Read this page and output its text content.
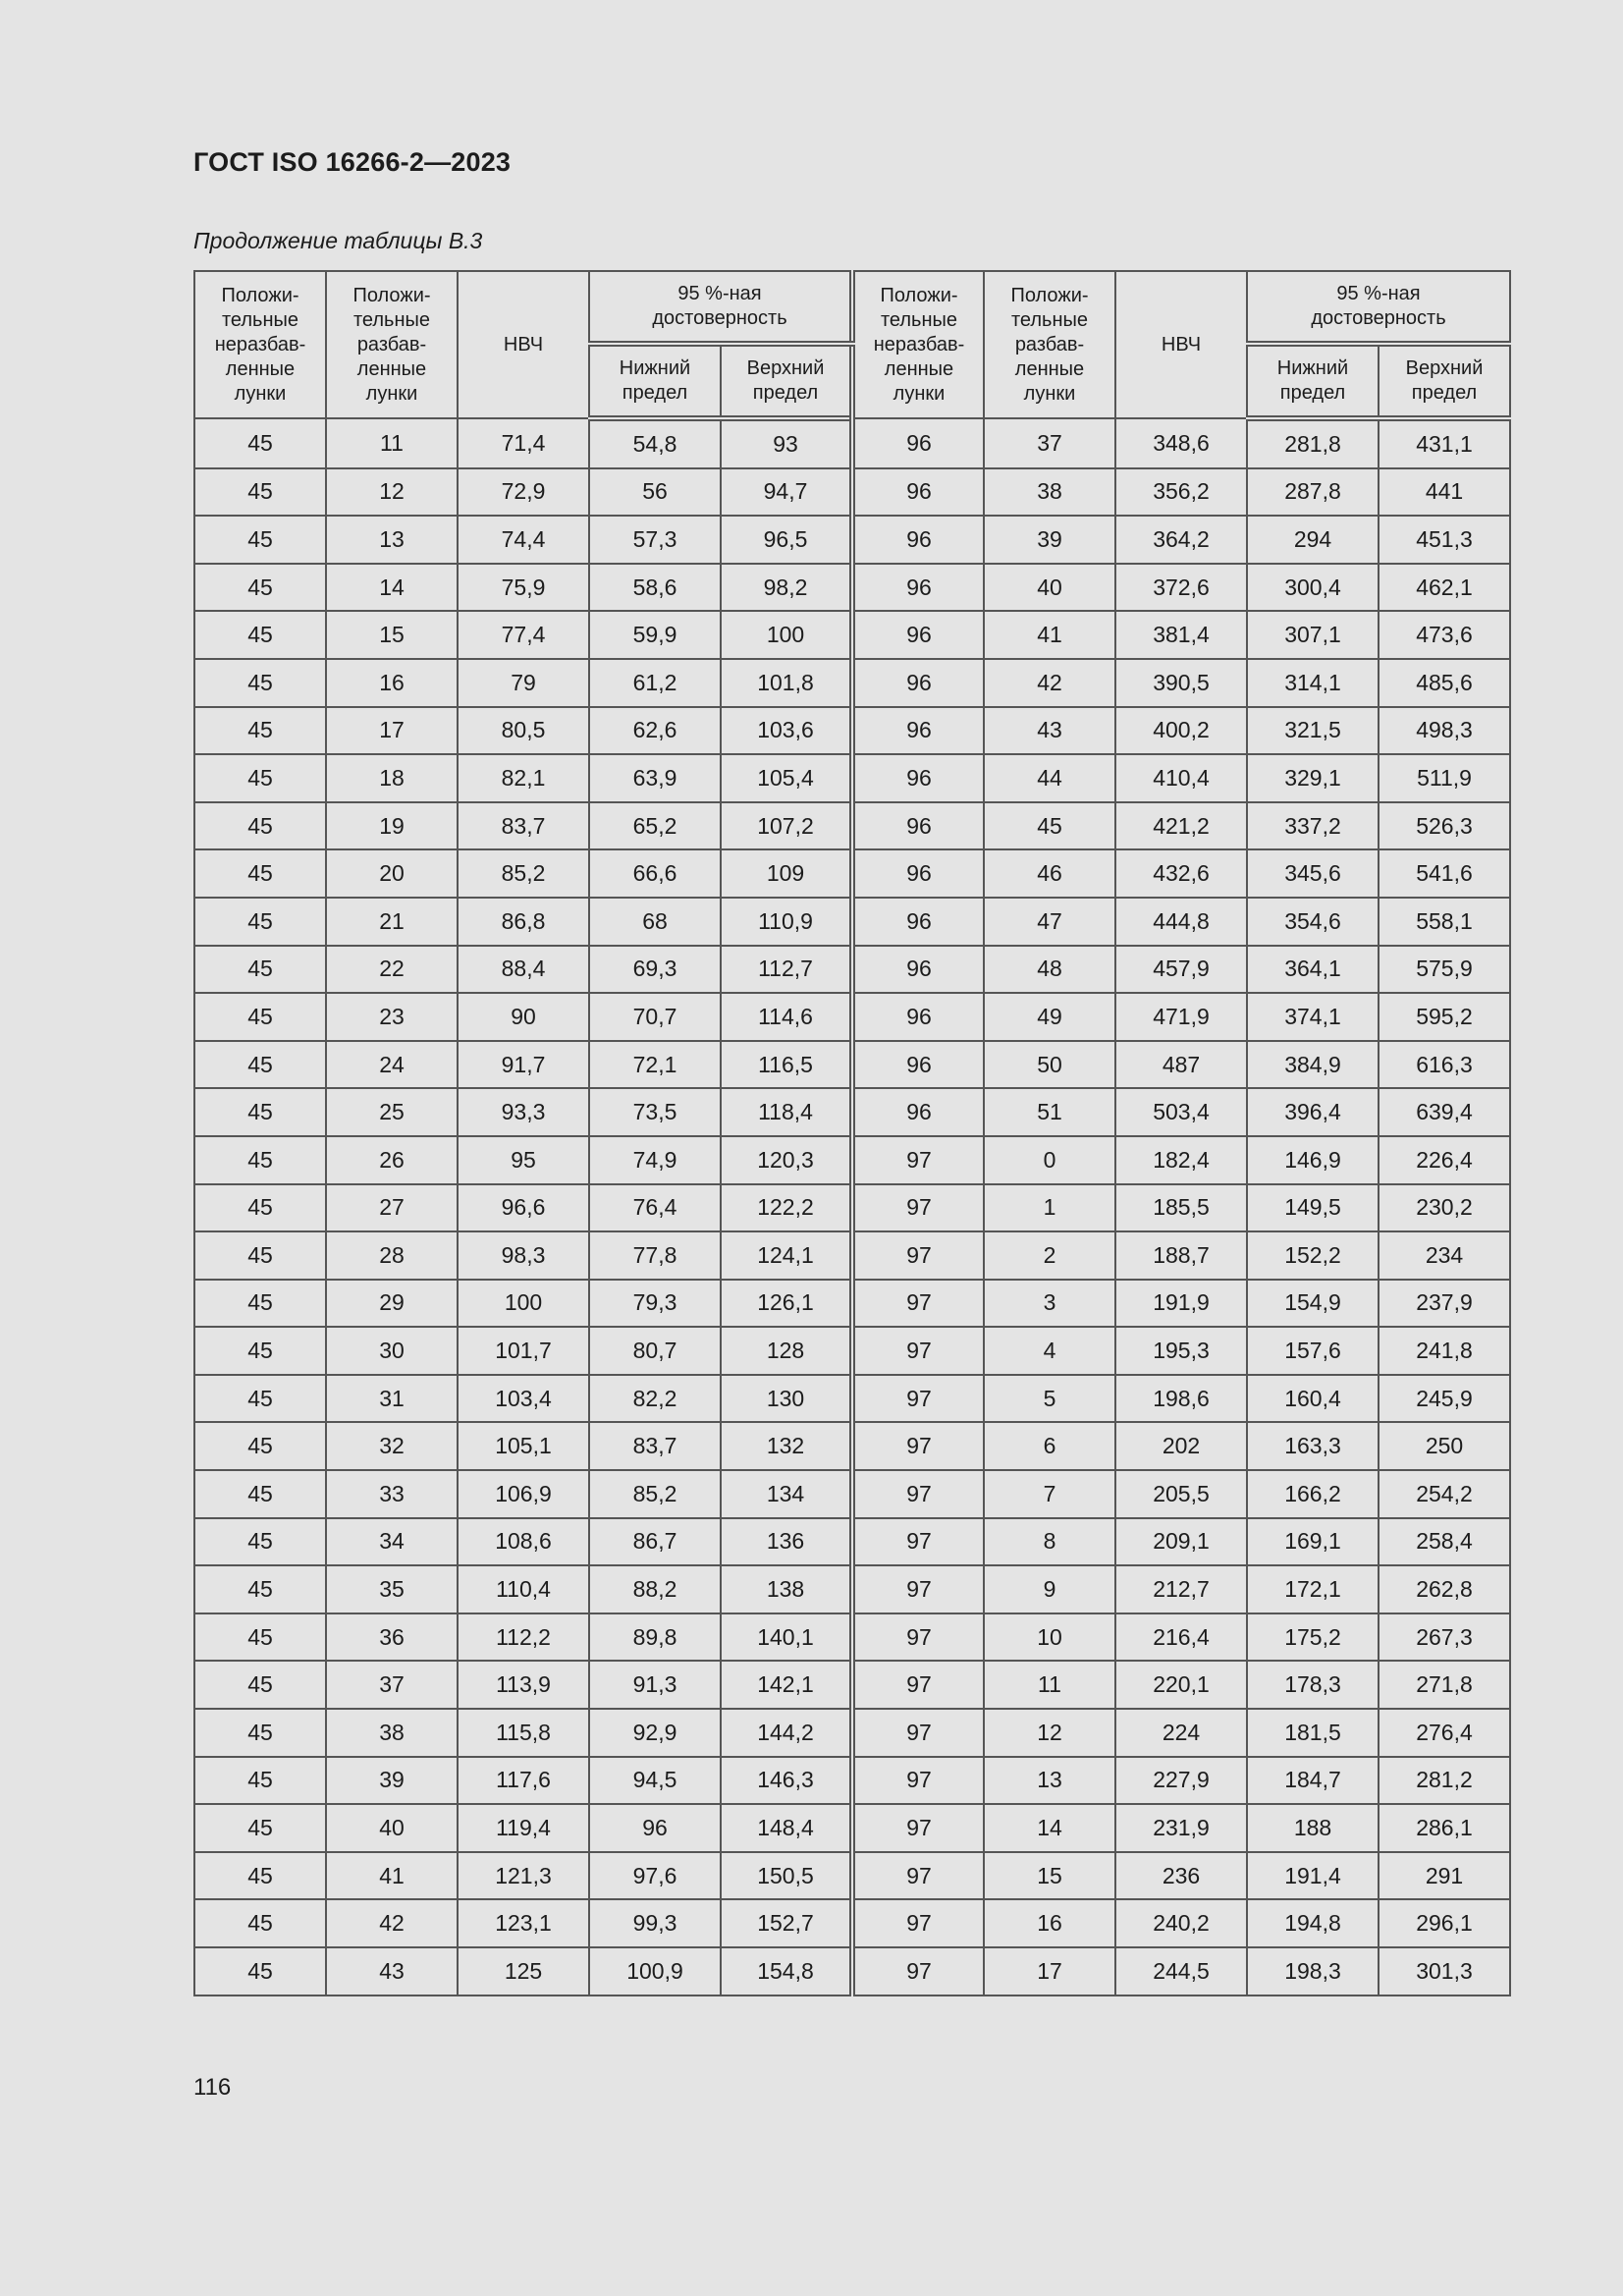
ГОСТ ISO 16266-2—2023
Продолжение таблицы В.3
Положи-
тельные
неразбав-
ленные
лунки	Положи-
тельные
разбав-
ленные
лунки	НВЧ	95 %-ная
достоверность		Положи-
тельные
неразбав-
ленные
лунки	Положи-
тельные
разбав-
ленные
лунки	НВЧ	95 %-ная
достоверность	
			Нижний
предел	Верхний
предел				Нижний
предел	Верхний
предел
45	11	71,4	54,8	93	96	37	348,6	281,8	431,1
45	12	72,9	56	94,7	96	38	356,2	287,8	441
45	13	74,4	57,3	96,5	96	39	364,2	294	451,3
45	14	75,9	58,6	98,2	96	40	372,6	300,4	462,1
45	15	77,4	59,9	100	96	41	381,4	307,1	473,6
45	16	79	61,2	101,8	96	42	390,5	314,1	485,6
45	17	80,5	62,6	103,6	96	43	400,2	321,5	498,3
45	18	82,1	63,9	105,4	96	44	410,4	329,1	511,9
45	19	83,7	65,2	107,2	96	45	421,2	337,2	526,3
45	20	85,2	66,6	109	96	46	432,6	345,6	541,6
45	21	86,8	68	110,9	96	47	444,8	354,6	558,1
45	22	88,4	69,3	112,7	96	48	457,9	364,1	575,9
45	23	90	70,7	114,6	96	49	471,9	374,1	595,2
45	24	91,7	72,1	116,5	96	50	487	384,9	616,3
45	25	93,3	73,5	118,4	96	51	503,4	396,4	639,4
45	26	95	74,9	120,3	97	0	182,4	146,9	226,4
45	27	96,6	76,4	122,2	97	1	185,5	149,5	230,2
45	28	98,3	77,8	124,1	97	2	188,7	152,2	234
45	29	100	79,3	126,1	97	3	191,9	154,9	237,9
45	30	101,7	80,7	128	97	4	195,3	157,6	241,8
45	31	103,4	82,2	130	97	5	198,6	160,4	245,9
45	32	105,1	83,7	132	97	6	202	163,3	250
45	33	106,9	85,2	134	97	7	205,5	166,2	254,2
45	34	108,6	86,7	136	97	8	209,1	169,1	258,4
45	35	110,4	88,2	138	97	9	212,7	172,1	262,8
45	36	112,2	89,8	140,1	97	10	216,4	175,2	267,3
45	37	113,9	91,3	142,1	97	11	220,1	178,3	271,8
45	38	115,8	92,9	144,2	97	12	224	181,5	276,4
45	39	117,6	94,5	146,3	97	13	227,9	184,7	281,2
45	40	119,4	96	148,4	97	14	231,9	188	286,1
45	41	121,3	97,6	150,5	97	15	236	191,4	291
45	42	123,1	99,3	152,7	97	16	240,2	194,8	296,1
45	43	125	100,9	154,8	97	17	244,5	198,3	301,3
116
